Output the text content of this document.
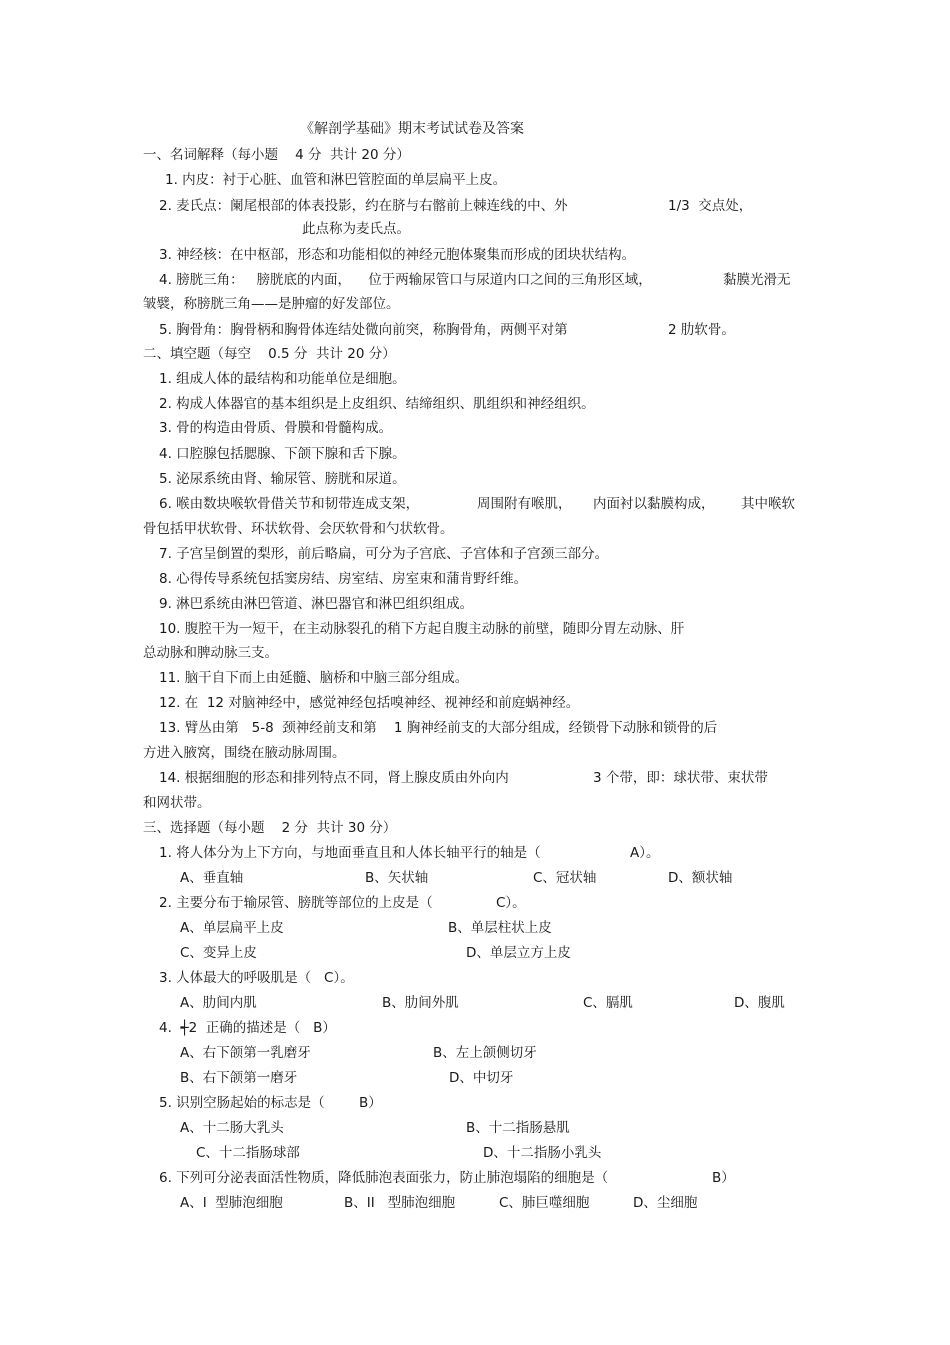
《解剖学基础》期末考试试卷及答案
一、名词解释（每小题    4 分  共计 20 分）
1. 内皮：衬于心脏、血管和淋巴管腔面的单层扁平上皮。
2. 麦氏点：阑尾根部的体表投影，约在脐与右髂前上棘连线的中、外	1/3  交点处，
此点称为麦氏点。
3. 神经核：在中枢部，形态和功能相似的神经元胞体聚集而形成的团块状结构。
4. 膀胱三角：   膀胱底的内面，    位于两输尿管口与尿道内口之间的三角形区域，	黏膜光滑无
皱襞，称膀胱三角——是肿瘤的好发部位。
5. 胸骨角：胸骨柄和胸骨体连结处微向前突，称胸骨角，两侧平对第	2 肋软骨。
二、填空题（每空    0.5 分  共计 20 分）
1. 组成人体的最结构和功能单位是细胞。
2. 构成人体器官的基本组织是上皮组织、结缔组织、肌组织和神经组织。
3. 骨的构造由骨质、骨膜和骨髓构成。
4. 口腔腺包括腮腺、下颌下腺和舌下腺。
5. 泌尿系统由肾、输尿管、膀胱和尿道。
6. 喉由数块喉软骨借关节和韧带连成支架，	周围附有喉肌， 内面衬以黏膜构成， 其中喉软
骨包括甲状软骨、环状软骨、会厌软骨和勺状软骨。
7. 子宫呈倒置的梨形，前后略扁，可分为子宫底、子宫体和子宫颈三部分。
8. 心得传导系统包括窦房结、房室结、房室束和蒲肯野纤维。
9. 淋巴系统由淋巴管道、淋巴器官和淋巴组织组成。
10. 腹腔干为一短干，在主动脉裂孔的稍下方起自腹主动脉的前壁，随即分胃左动脉、肝
总动脉和脾动脉三支。
11. 脑干自下而上由延髓、脑桥和中脑三部分组成。
12. 在  12 对脑神经中，感觉神经包括嗅神经、视神经和前庭蜗神经。
13. 臂丛由第   5-8  颈神经前支和第    1 胸神经前支的大部分组成，经锁骨下动脉和锁骨的后
方进入腋窝，围绕在腋动脉周围。
14. 根据细胞的形态和排列特点不同，肾上腺皮质由外向内	3 个带，即：球状带、束状带
和网状带。
三、选择题（每小题    2 分  共计 30 分）
1. 将人体分为上下方向，与地面垂直且和人体长轴平行的轴是（	A）。
A、垂直轴	B、矢状轴	C、冠状轴	D、额状轴
2. 主要分布于输尿管、膀胱等部位的上皮是（	C）。
A、单层扁平上皮	B、单层柱状上皮
C、变异上皮	D、单层立方上皮
3. 人体最大的呼吸肌是（   C）。
A、肋间内肌	B、肋间外肌	C、膈肌	D、腹肌
4.  ┽2  正确的描述是（   B）
A、右下颌第一乳磨牙	B、左上颌侧切牙
B、右下颌第一磨牙	D、中切牙
5. 识别空肠起始的标志是（	B）
A、十二肠大乳头	B、十二指肠悬肌
C、十二指肠球部	D、十二指肠小乳头
6. 下列可分泌表面活性物质，降低肺泡表面张力，防止肺泡塌陷的细胞是（	B）
A、I  型肺泡细胞	B、II   型肺泡细胞	C、肺巨噬细胞	D、尘细胞
